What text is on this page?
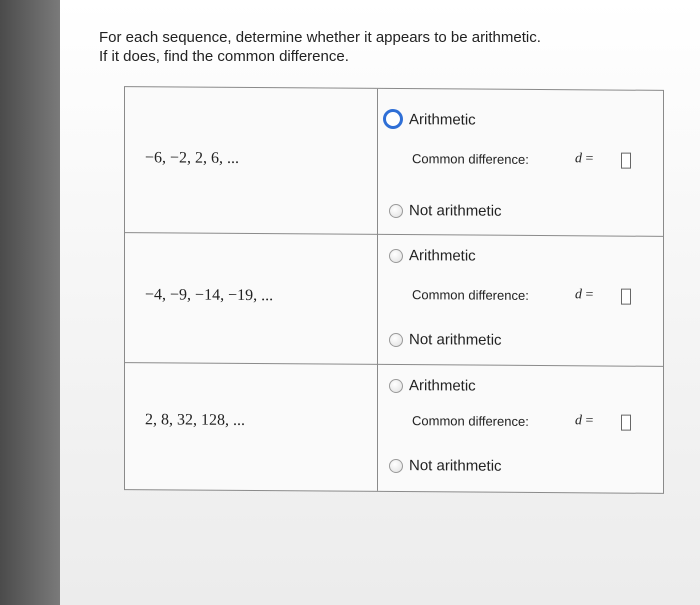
For each sequence, determine whether it appears to be arithmetic.
If it does, find the common difference.
−6, −2, 2, 6, ...
Arithmetic
Common difference:	d =
Not arithmetic
−4, −9, −14, −19, ...
Arithmetic
Common difference:	d =
Not arithmetic
2, 8, 32, 128, ...
Arithmetic
Common difference:	d =
Not arithmetic
